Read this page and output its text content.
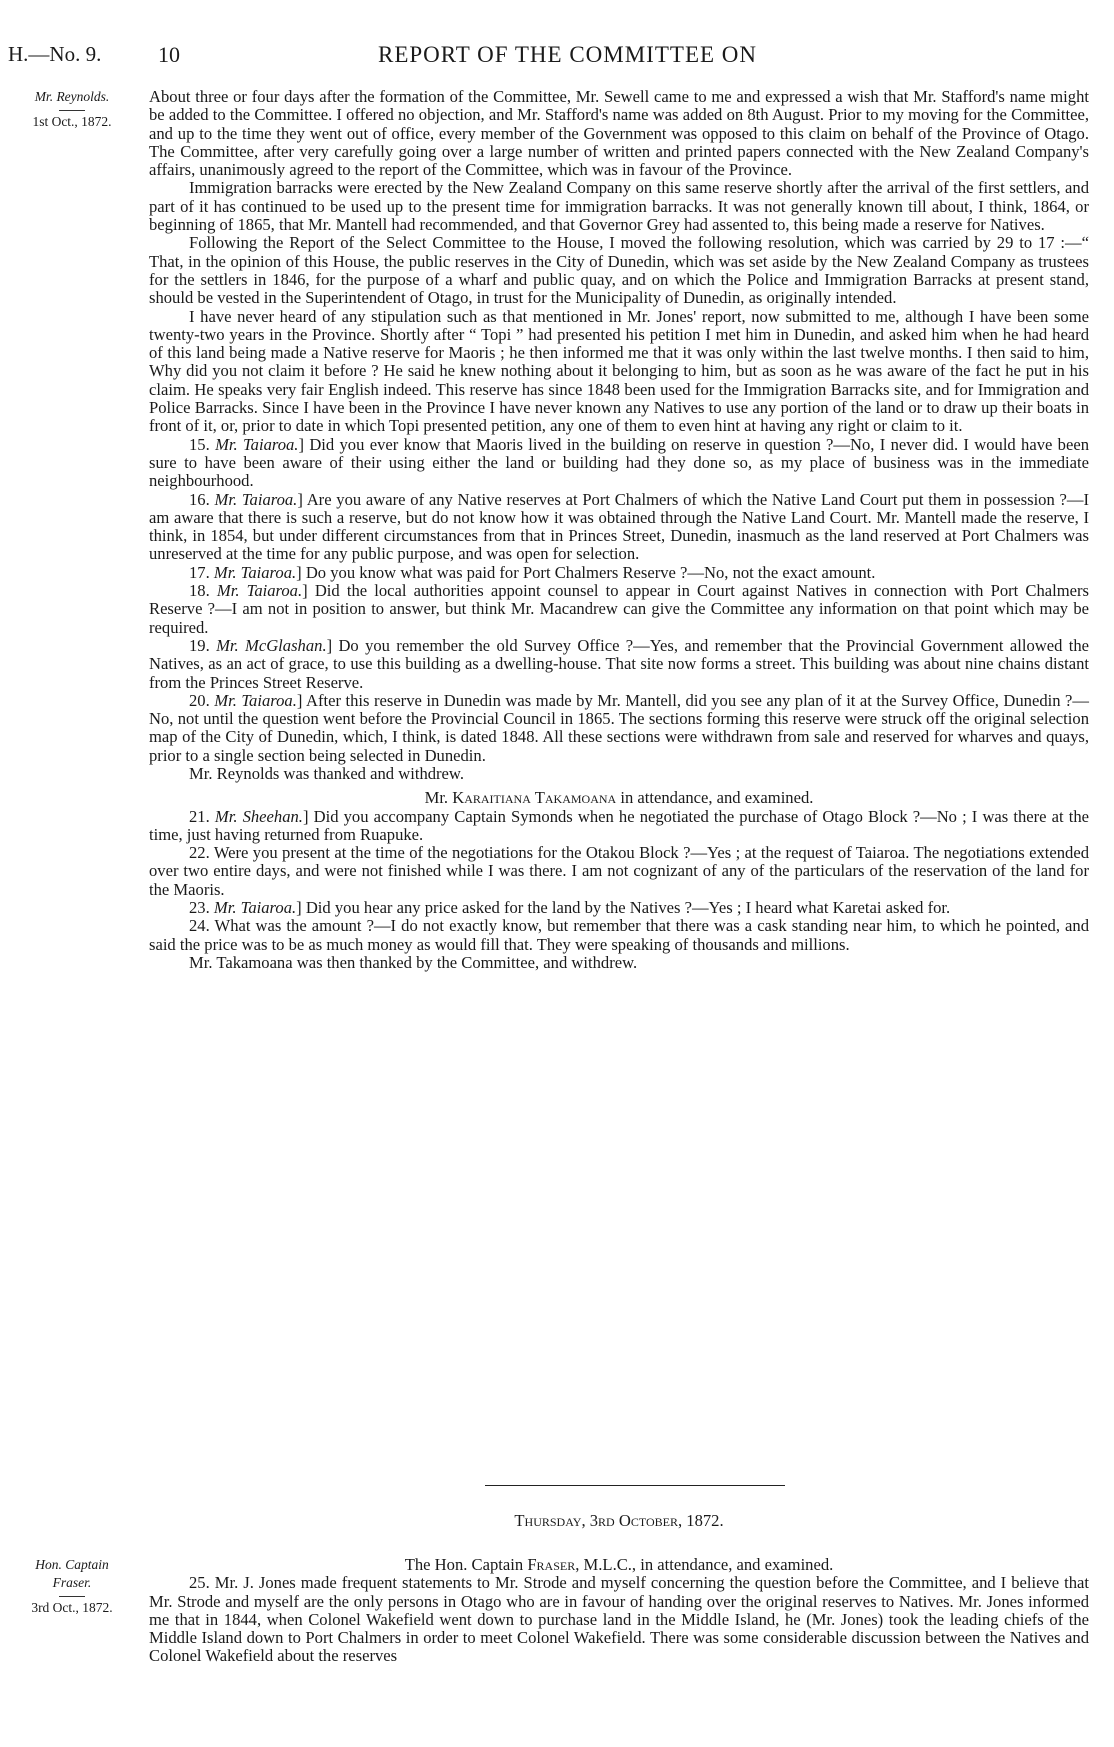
H.—No. 9.	10	REPORT OF THE COMMITTEE ON
Mr. Reynolds.
1st Oct., 1872.

About three or four days after the formation of the Committee, Mr. Sewell came to me and expressed a wish that Mr. Stafford's name might be added to the Committee. I offered no objection, and Mr. Stafford's name was added on 8th August. Prior to my moving for the Committee, and up to the time they went out of office, every member of the Government was opposed to this claim on behalf of the Province of Otago. The Committee, after very carefully going over a large number of written and printed papers connected with the New Zealand Company's affairs, unanimously agreed to the report of the Committee, which was in favour of the Province.

Immigration barracks were erected by the New Zealand Company on this same reserve shortly after the arrival of the first settlers, and part of it has continued to be used up to the present time for immigration barracks. It was not generally known till about, I think, 1864, or beginning of 1865, that Mr. Mantell had recommended, and that Governor Grey had assented to, this being made a reserve for Natives.

Following the Report of the Select Committee to the House, I moved the following resolution, which was carried by 29 to 17 :—“ That, in the opinion of this House, the public reserves in the City of Dunedin, which was set aside by the New Zealand Company as trustees for the settlers in 1846, for the purpose of a wharf and public quay, and on which the Police and Immigration Barracks at present stand, should be vested in the Superintendent of Otago, in trust for the Municipality of Dunedin, as originally intended.

I have never heard of any stipulation such as that mentioned in Mr. Jones' report, now submitted to me, although I have been some twenty-two years in the Province. Shortly after “ Topi ” had presented his petition I met him in Dunedin, and asked him when he had heard of this land being made a Native reserve for Maoris ; he then informed me that it was only within the last twelve months. I then said to him, Why did you not claim it before ? He said he knew nothing about it belonging to him, but as soon as he was aware of the fact he put in his claim. He speaks very fair English indeed. This reserve has since 1848 been used for the Immigration Barracks site, and for Immigration and Police Barracks. Since I have been in the Province I have never known any Natives to use any portion of the land or to draw up their boats in front of it, or, prior to date in which Topi presented petition, any one of them to even hint at having any right or claim to it.

15. Mr. Taiaroa.] Did you ever know that Maoris lived in the building on reserve in question ?—No, I never did. I would have been sure to have been aware of their using either the land or building had they done so, as my place of business was in the immediate neighbourhood.

16. Mr. Taiaroa.] Are you aware of any Native reserves at Port Chalmers of which the Native Land Court put them in possession ?—I am aware that there is such a reserve, but do not know how it was obtained through the Native Land Court. Mr. Mantell made the reserve, I think, in 1854, but under different circumstances from that in Princes Street, Dunedin, inasmuch as the land reserved at Port Chalmers was unreserved at the time for any public purpose, and was open for selection.

17. Mr. Taiaroa.] Do you know what was paid for Port Chalmers Reserve ?—No, not the exact amount.

18. Mr. Taiaroa.] Did the local authorities appoint counsel to appear in Court against Natives in connection with Port Chalmers Reserve ?—I am not in position to answer, but think Mr. Macandrew can give the Committee any information on that point which may be required.

19. Mr. McGlashan.] Do you remember the old Survey Office ?—Yes, and remember that the Provincial Government allowed the Natives, as an act of grace, to use this building as a dwelling-house. That site now forms a street. This building was about nine chains distant from the Princes Street Reserve.

20. Mr. Taiaroa.] After this reserve in Dunedin was made by Mr. Mantell, did you see any plan of it at the Survey Office, Dunedin ?—No, not until the question went before the Provincial Council in 1865. The sections forming this reserve were struck off the original selection map of the City of Dunedin, which, I think, is dated 1848. All these sections were withdrawn from sale and reserved for wharves and quays, prior to a single section being selected in Dunedin.

Mr. Reynolds was thanked and withdrew.

Mr. Karaitiana Takamoana in attendance, and examined.

21. Mr. Sheehan.] Did you accompany Captain Symonds when he negotiated the purchase of Otago Block ?—No ; I was there at the time, just having returned from Ruapuke.

22. Were you present at the time of the negotiations for the Otakou Block ?—Yes ; at the request of Taiaroa. The negotiations extended over two entire days, and were not finished while I was there. I am not cognizant of any of the particulars of the reservation of the land for the Maoris.

23. Mr. Taiaroa.] Did you hear any price asked for the land by the Natives ?—Yes ; I heard what Karetai asked for.

24. What was the amount ?—I do not exactly know, but remember that there was a cask standing near him, to which he pointed, and said the price was to be as much money as would fill that. They were speaking of thousands and millions.

Mr. Takamoana was then thanked by the Committee, and withdrew.

Thursday, 3rd October, 1872.

Hon. Captain Fraser.
3rd Oct., 1872.

The Hon. Captain Fraser, M.L.C., in attendance, and examined.

25. Mr. J. Jones made frequent statements to Mr. Strode and myself concerning the question before the Committee, and I believe that Mr. Strode and myself are the only persons in Otago who are in favour of handing over the original reserves to Natives. Mr. Jones informed me that in 1844, when Colonel Wakefield went down to purchase land in the Middle Island, he (Mr. Jones) took the leading chiefs of the Middle Island down to Port Chalmers in order to meet Colonel Wakefield. There was some considerable discussion between the Natives and Colonel Wakefield about the reserves
